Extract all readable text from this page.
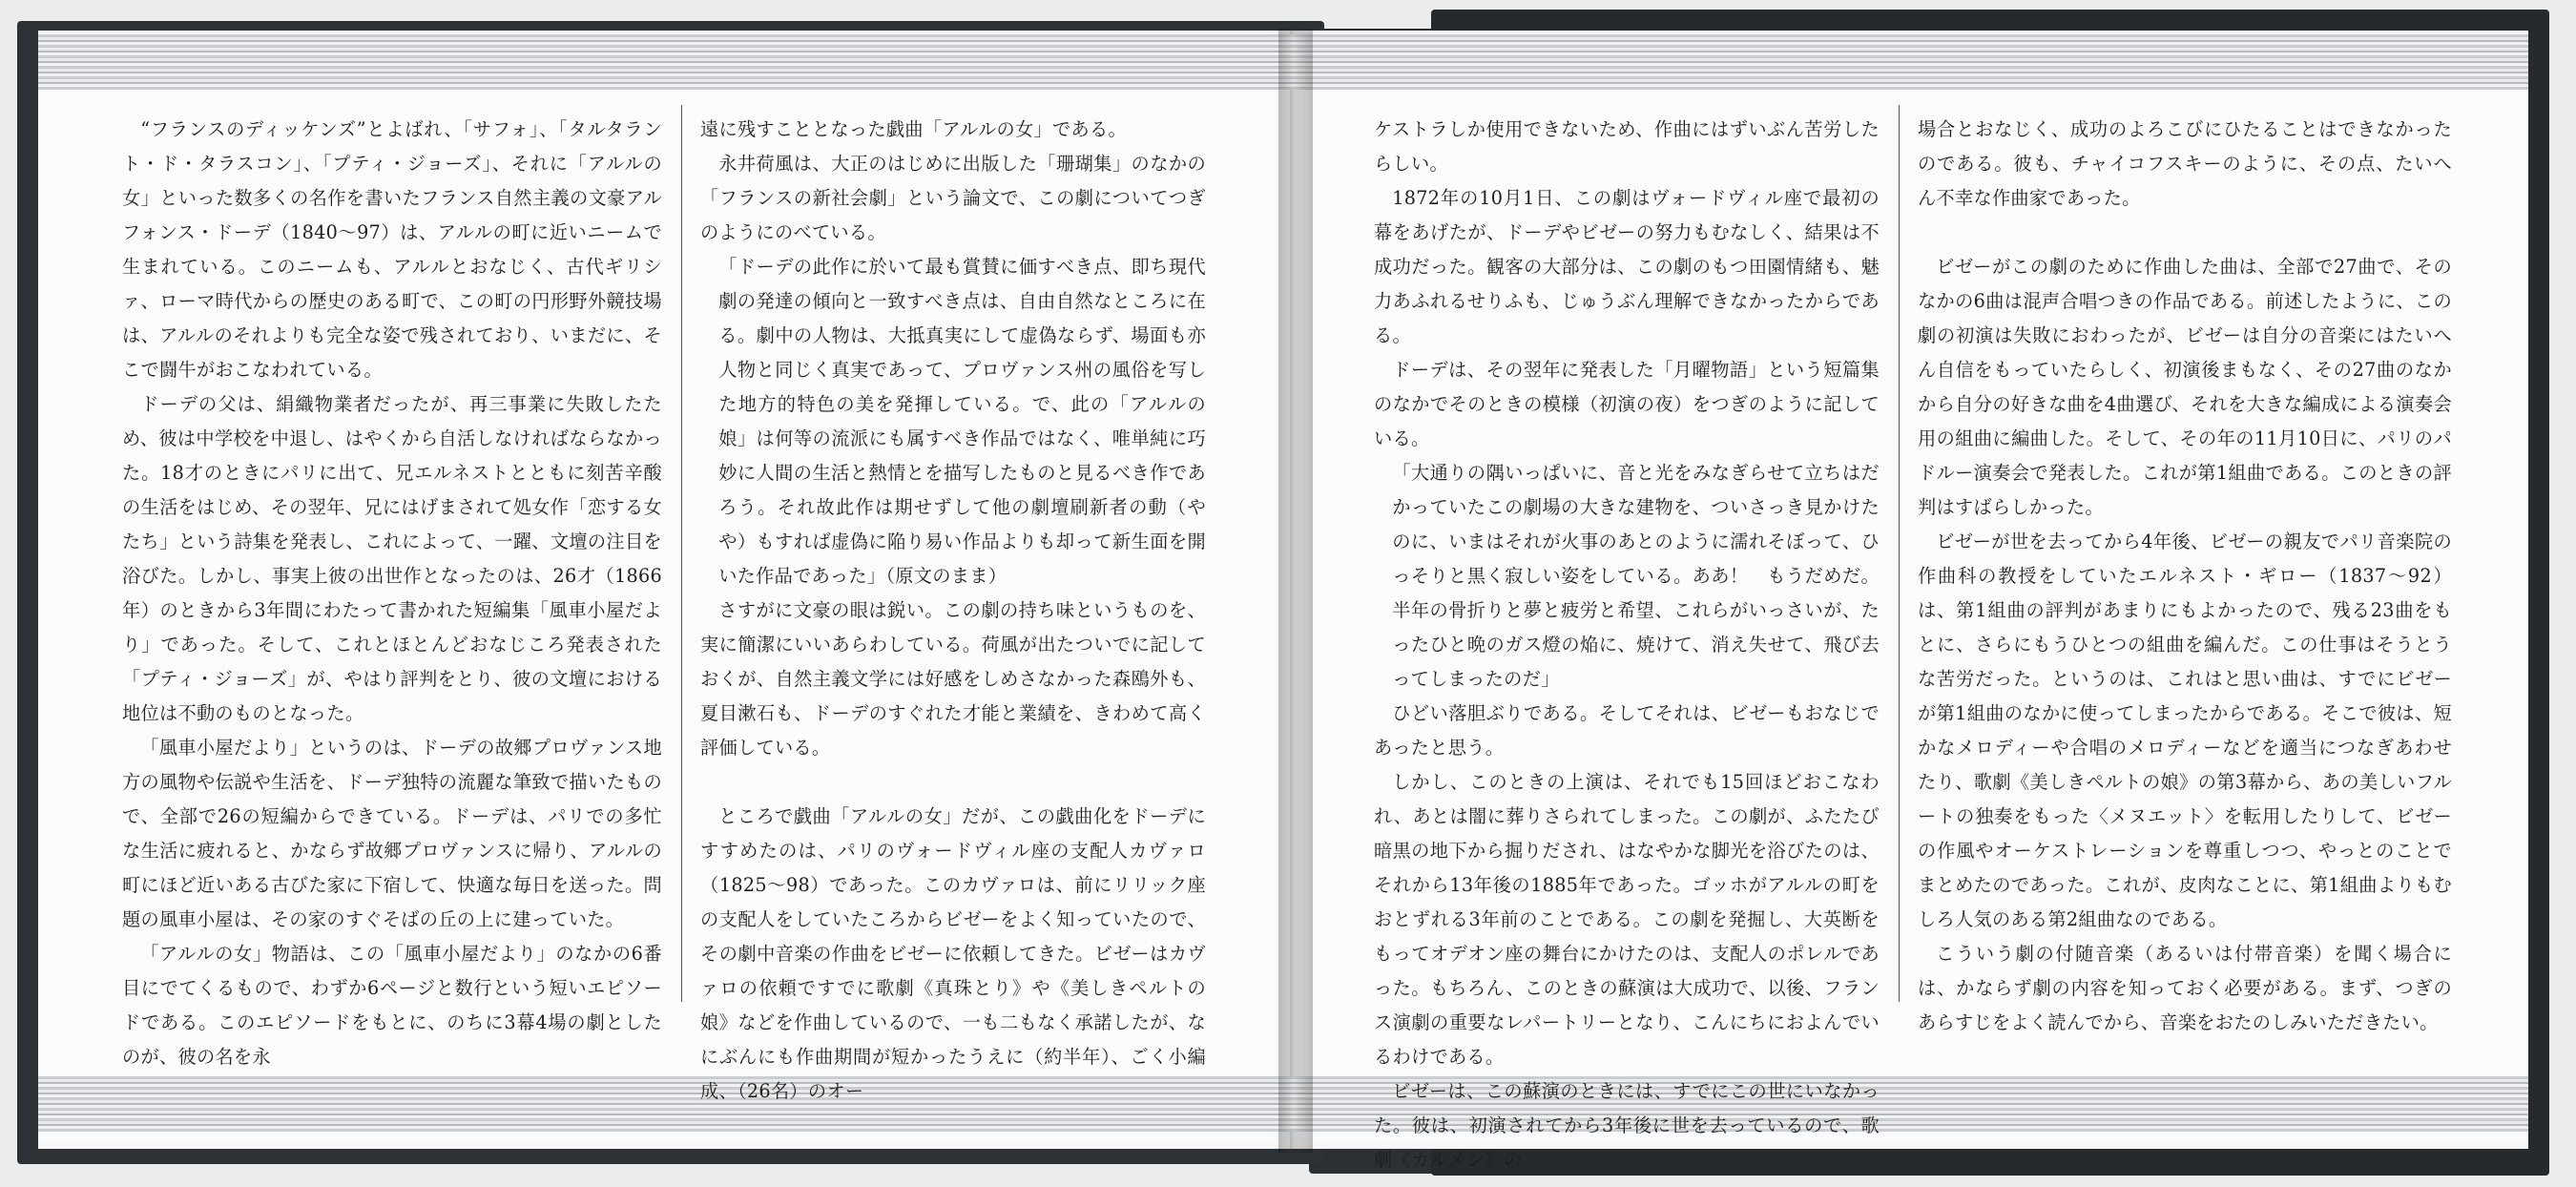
“フランスのディッケンズ”とよばれ、「サフォ」、「タルタラント・ド・タラスコン」、「プティ・ジョーズ」、それに「アルルの女」といった数多くの名作を書いたフランス自然主義の文豪アルフォンス・ドーデ（1840〜97）は、アルルの町に近いニームで生まれている。このニームも、アルルとおなじく、古代ギリシァ、ローマ時代からの歴史のある町で、この町の円形野外競技場は、アルルのそれよりも完全な姿で残されており、いまだに、そこで闘牛がおこなわれている。

ドーデの父は、絹織物業者だったが、再三事業に失敗したため、彼は中学校を中退し、はやくから自活しなければならなかった。18才のときにパリに出て、兄エルネストとともに刻苦辛酸の生活をはじめ、その翌年、兄にはげまされて処女作「恋する女たち」という詩集を発表し、これによって、一躍、文壇の注目を浴びた。しかし、事実上彼の出世作となったのは、26才（1866年）のときから3年間にわたって書かれた短編集「風車小屋だより」であった。そして、これとほとんどおなじころ発表された「プティ・ジョーズ」が、やはり評判をとり、彼の文壇における地位は不動のものとなった。

「風車小屋だより」というのは、ドーデの故郷プロヴァンス地方の風物や伝説や生活を、ドーデ独特の流麗な筆致で描いたもので、全部で26の短編からできている。ドーデは、パリでの多忙な生活に疲れると、かならず故郷プロヴァンスに帰り、アルルの町にほど近いある古びた家に下宿して、快適な毎日を送った。問題の風車小屋は、その家のすぐそばの丘の上に建っていた。

「アルルの女」物語は、この「風車小屋だより」のなかの6番目にでてくるもので、わずか6ページと数行という短いエピソードである。このエピソードをもとに、のちに3幕4場の劇としたのが、彼の名を永

遠に残すこととなった戯曲「アルルの女」である。

永井荷風は、大正のはじめに出版した「珊瑚集」のなかの「フランスの新社会劇」という論文で、この劇についてつぎのようにのべている。

「ドーデの此作に於いて最も賞賛に価すべき点、即ち現代劇の発達の傾向と一致すべき点は、自由自然なところに在る。劇中の人物は、大抵真実にして虚偽ならず、場面も亦人物と同じく真実であって、プロヴァンス州の風俗を写した地方的特色の美を発揮している。で、此の「アルルの娘」は何等の流派にも属すべき作品ではなく、唯単純に巧妙に人間の生活と熱情とを描写したものと見るべき作であろう。それ故此作は期せずして他の劇壇刷新者の動（やや）もすれば虚偽に陥り易い作品よりも却って新生面を開いた作品であった」（原文のまま）

さすがに文豪の眼は鋭い。この劇の持ち味というものを、実に簡潔にいいあらわしている。荷風が出たついでに記しておくが、自然主義文学には好感をしめさなかった森鴎外も、夏目漱石も、ドーデのすぐれた才能と業績を、きわめて高く評価している。

ところで戯曲「アルルの女」だが、この戯曲化をドーデにすすめたのは、パリのヴォードヴィル座の支配人カヴァロ（1825〜98）であった。このカヴァロは、前にリリック座の支配人をしていたころからビゼーをよく知っていたので、その劇中音楽の作曲をビゼーに依頼してきた。ビゼーはカヴァロの依頼ですでに歌劇《真珠とり》や《美しきペルトの娘》などを作曲しているので、一も二もなく承諾したが、なにぶんにも作曲期間が短かったうえに（約半年）、ごく小編成、（26名）のオー

ケストラしか使用できないため、作曲にはずいぶん苦労したらしい。

1872年の10月1日、この劇はヴォードヴィル座で最初の幕をあげたが、ドーデやビゼーの努力もむなしく、結果は不成功だった。観客の大部分は、この劇のもつ田園情緒も、魅力あふれるせりふも、じゅうぶん理解できなかったからである。

ドーデは、その翌年に発表した「月曜物語」という短篇集のなかでそのときの模様（初演の夜）をつぎのように記している。

「大通りの隅いっぱいに、音と光をみなぎらせて立ちはだかっていたこの劇場の大きな建物を、ついさっき見かけたのに、いまはそれが火事のあとのように濡れそぼって、ひっそりと黒く寂しい姿をしている。ああ！　もうだめだ。半年の骨折りと夢と疲労と希望、これらがいっさいが、たったひと晩のガス燈の焔に、焼けて、消え失せて、飛び去ってしまったのだ」

ひどい落胆ぶりである。そしてそれは、ビゼーもおなじであったと思う。

しかし、このときの上演は、それでも15回ほどおこなわれ、あとは闇に葬りさられてしまった。この劇が、ふたたび暗黒の地下から掘りだされ、はなやかな脚光を浴びたのは、それから13年後の1885年であった。ゴッホがアルルの町をおとずれる3年前のことである。この劇を発掘し、大英断をもってオデオン座の舞台にかけたのは、支配人のポレルであった。もちろん、このときの蘇演は大成功で、以後、フランス演劇の重要なレパートリーとなり、こんにちにおよんでいるわけである。

ビゼーは、この蘇演のときには、すでにこの世にいなかった。彼は、初演されてから3年後に世を去っているので、歌劇《カルメン》の

場合とおなじく、成功のよろこびにひたることはできなかったのである。彼も、チャイコフスキーのように、その点、たいへん不幸な作曲家であった。

ビゼーがこの劇のために作曲した曲は、全部で27曲で、そのなかの6曲は混声合唱つきの作品である。前述したように、この劇の初演は失敗におわったが、ビゼーは自分の音楽にはたいへん自信をもっていたらしく、初演後まもなく、その27曲のなかから自分の好きな曲を4曲選び、それを大きな編成による演奏会用の組曲に編曲した。そして、その年の11月10日に、パリのパドルー演奏会で発表した。これが第1組曲である。このときの評判はすばらしかった。

ビゼーが世を去ってから4年後、ビゼーの親友でパリ音楽院の作曲科の教授をしていたエルネスト・ギロー（1837〜92）は、第1組曲の評判があまりにもよかったので、残る23曲をもとに、さらにもうひとつの組曲を編んだ。この仕事はそうとうな苦労だった。というのは、これはと思い曲は、すでにビゼーが第1組曲のなかに使ってしまったからである。そこで彼は、短かなメロディーや合唱のメロディーなどを適当につなぎあわせたり、歌劇《美しきペルトの娘》の第3幕から、あの美しいフルートの独奏をもった〈メヌエット〉を転用したりして、ビゼーの作風やオーケストレーションを尊重しつつ、やっとのことでまとめたのであった。これが、皮肉なことに、第1組曲よりもむしろ人気のある第2組曲なのである。

こういう劇の付随音楽（あるいは付帯音楽）を聞く場合には、かならず劇の内容を知っておく必要がある。まず、つぎのあらすじをよく読んでから、音楽をおたのしみいただきたい。
